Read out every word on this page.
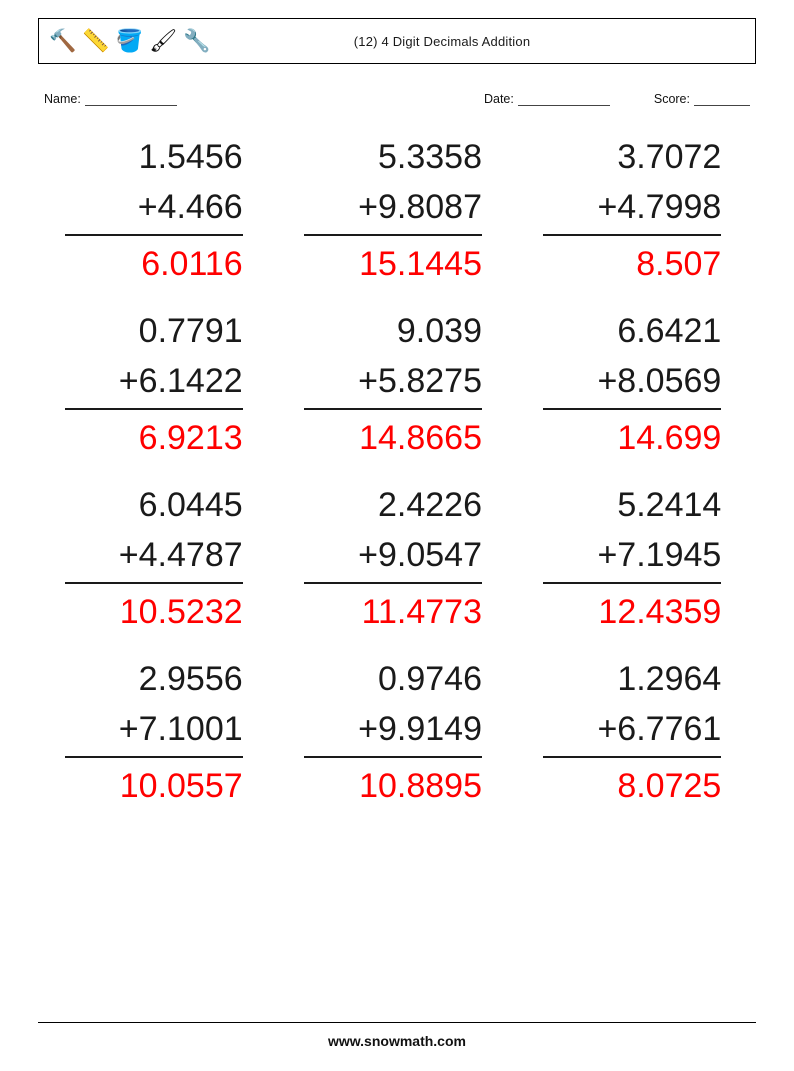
🔨 📏 🪣 🖌 🔧	(12) 4 Digit Decimals Addition
Name:	Date:	Score:
1.5456
+4.466
6.0116
5.3358
+9.8087
15.1445
3.7072
+4.7998
8.507
0.7791
+6.1422
6.9213
9.039
+5.8275
14.8665
6.6421
+8.0569
14.699
6.0445
+4.4787
10.5232
2.4226
+9.0547
11.4773
5.2414
+7.1945
12.4359
2.9556
+7.1001
10.0557
0.9746
+9.9149
10.8895
1.2964
+6.7761
8.0725
www.snowmath.com
